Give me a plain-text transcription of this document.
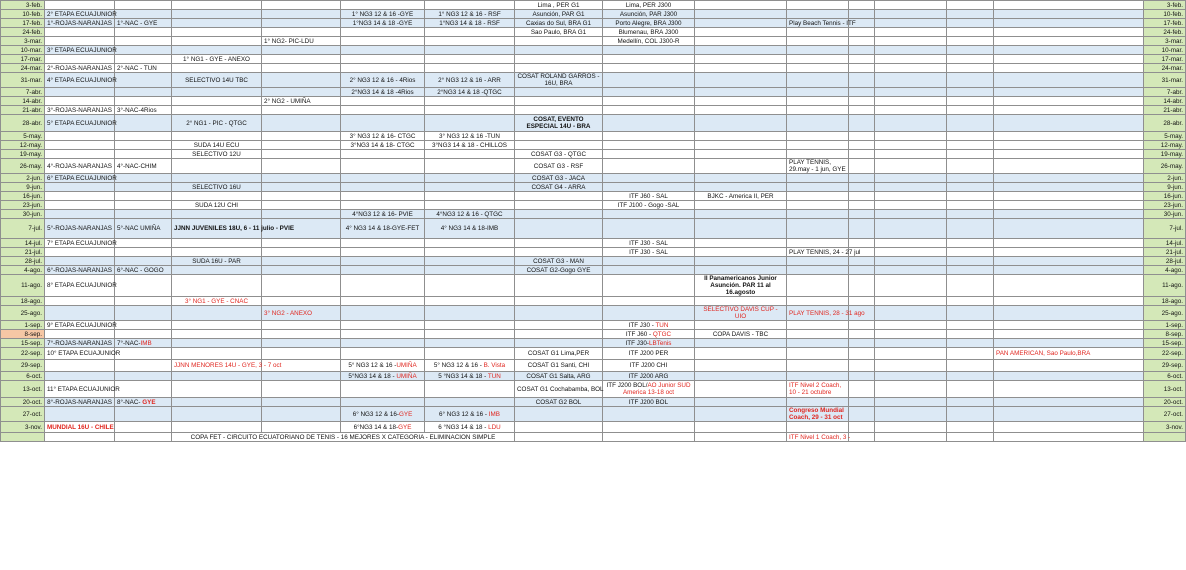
3-feb.							Lima , PER G1	Lima, PER J300							3-feb.
10-feb.	2° ETAPA ECUAJUNIOR				1° NG3 12 & 16 -GYE	1° NG3 12 & 16 - RSF	Asunción, PAR G1	Asunción, PAR J300							10-feb.
17-feb.	1°-ROJAS-NARANJAS	1°-NAC - GYE			1°NG3 14 & 18 -GYE	1°NG3 14 & 18 - RSF	Caxias do Sul, BRA G1	Porto Alegre, BRA J300		Play Beach Tennis - ITF					17-feb.
24-feb.							Sao Paulo, BRA G1	Blumenau, BRA J300							24-feb.
3-mar.				1° NG2- PIC-LDU				Medellín, COL J300-R							3-mar.
10-mar.	3° ETAPA ECUAJUNIOR														10-mar.
17-mar.			1° NG1 - GYE - ANEXO												17-mar.
24-mar.	2°-ROJAS-NARANJAS	2°-NAC - TUN													24-mar.
31-mar.	4° ETAPA ECUAJUNIOR		SELECTIVO 14U TBC		2° NG3 12 & 16 - 4Rios	2° NG3 12 & 16 - ARR	COSAT ROLAND GARROS - 16U, BRA								31-mar.
7-abr.					2°NG3 14 & 18 -4Rios	2°NG3 14 & 18 -QTGC									7-abr.
14-abr.				2° NG2 - UMIÑA											14-abr.
21-abr.	3°-ROJAS-NARANJAS	3°-NAC-4Rios													21-abr.
28-abr.	5° ETAPA ECUAJUNIOR		2° NG1 - PIC - QTGC				COSAT, EVENTO ESPECIAL 14U - BRA								28-abr.
5-may.					3° NG3 12 & 16- CTGC	3° NG3 12 & 16 -TUN									5-may.
12-may.			SUDA 14U ECU		3°NG3 14 & 18- CTGC	3°NG3 14 & 18 - CHILLOS									12-may.
19-may.			SELECTIVO 12U				COSAT G3 - QTGC								19-may.
26-may.	4°-ROJAS-NARANJAS	4°-NAC-CHIM					COSAT G3 - RSF			PLAY TENNIS, 29.may - 1 jun, GYE					26-may.
2-jun.	6° ETAPA ECUAJUNIOR						COSAT G3 - JACA								2-jun.
9-jun.			SELECTIVO 16U				COSAT G4 - ARRA								9-jun.
16-jun.								ITF J60 - SAL	BJKC - America II, PER						16-jun.
23-jun.			SUDA 12U CHI					ITF J100 - Gogo -SAL							23-jun.
30-jun.					4°NG3 12 & 16- PVIE	4°NG3 12 & 16 - QTGC									30-jun.
7-jul.	5°-ROJAS-NARANJAS	5°-NAC UMIÑA	JJNN JUVENILES 18U, 6 - 11 julio - PVIE		4° NG3 14 & 18-GYE-FET	4° NG3 14 & 18-IMB									7-jul.
14-jul.	7° ETAPA ECUAJUNIOR							ITF J30 - SAL							14-jul.
21-jul.								ITF J30 - SAL		PLAY TENNIS, 24 - 27 jul					21-jul.
28-jul.			SUDA 16U - PAR				COSAT G3 - MAN								28-jul.
4-ago.	6°-ROJAS-NARANJAS	6°-NAC - GOGO					COSAT G2-Gogo GYE								4-ago.
11-ago.	8° ETAPA ECUAJUNIOR								II Panamericanos Junior Asunción. PAR 11 al 16.agosto						11-ago.
18-ago.			3° NG1 - GYE - CNAC												18-ago.
25-ago.				3° NG2 - ANEXO					SELECTIVO DAVIS CUP - UIO	PLAY TENNIS, 28 - 31 ago					25-ago.
1-sep.	9° ETAPA ECUAJUNIOR							ITF J30 - TUN							1-sep.
8-sep.								ITF J60 - QTGC	COPA DAVIS - TBC						8-sep.
15-sep.	7°-ROJAS-NARANJAS	7°-NAC-IMB						ITF J30-LBTenis							15-sep.
22-sep.	10° ETAPA ECUAJUNIOR						COSAT G1 Lima,PER	ITF J200 PER						PAN AMERICAN, Sao Paulo,BRA	22-sep.
29-sep.			JJNN MENORES 14U - GYE, 3 - 7 oct		5° NG3 12 & 16 -UMIÑA	5° NG3 12 & 16 - B. Vista	COSAT G1 Santi, CHI	ITF J200 CHI							29-sep.
6-oct.					5°NG3 14 & 18 - UMIÑA	5 °NG3 14 & 18 - TUN	COSAT G1 Salta, ARG	ITF J200 ARG							6-oct.
13-oct.	11° ETAPA ECUAJUNIOR						COSAT G1 Cochabamba, BOL	ITF J200 BOL/AO Junior SUD America 13-18 oct		ITF Nivel 2 Coach, 10 - 21 octubre					13-oct.
20-oct.	8°-ROJAS-NARANJAS	8°-NAC- GYE					COSAT G2 BOL	ITF J200 BOL							20-oct.
27-oct.					6° NG3 12 & 16-GYE	6° NG3 12 & 16 - IMB				Congreso Mundial Coach, 29 - 31 oct					27-oct.
3-nov.	MUNDIAL 16U - CHILE				6°NG3 14 & 18-GYE	6 °NG3 14 & 18 - LDU									3-nov.
			COPA FET - CIRCUITO ECUATORIANO DE TENIS - 16 MEJORES X CATEGORIA - ELIMINACION SIMPLE							ITF Nivel 1 Coach, 3 -					
